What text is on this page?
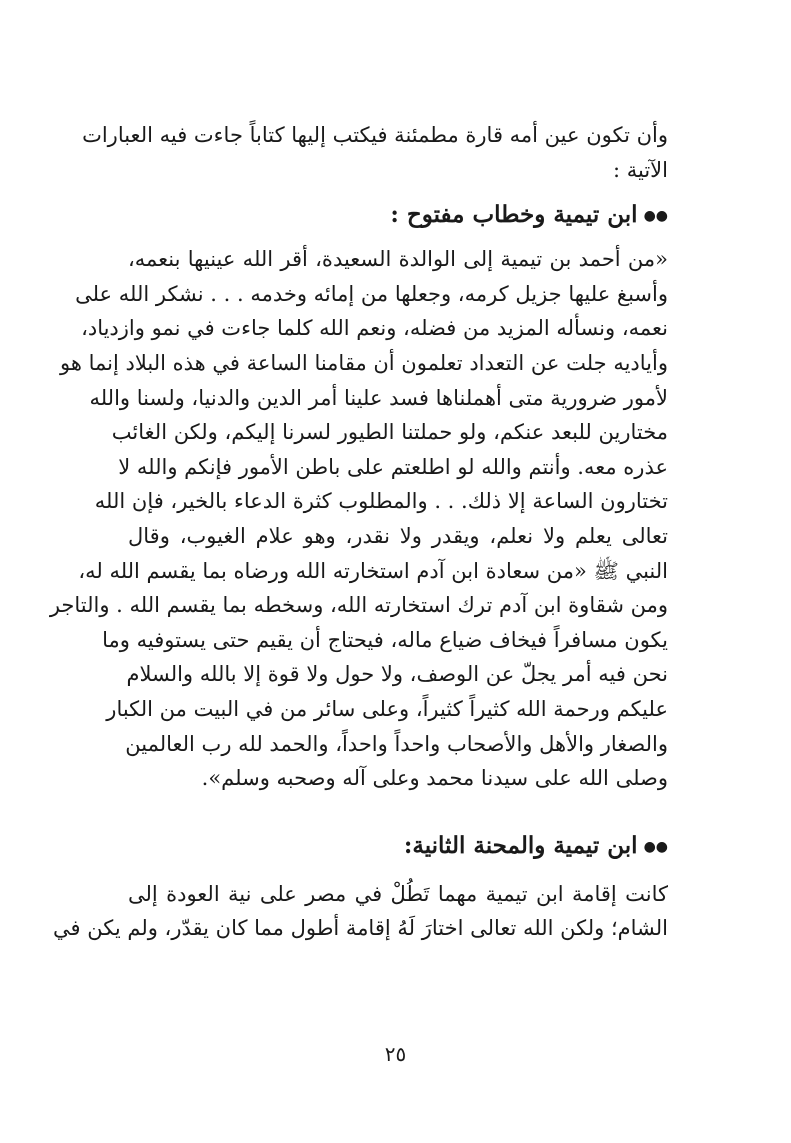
وأن تكون عين أمه قارة مطمئنة فيكتب إليها كتاباً جاءت فيه العبارات
الآتية :

●●ابن تيمية وخطاب مفتوح :

«من أحمد بن تيمية إلى الوالدة السعيدة، أقر الله عينيها بنعمه،
وأسبغ عليها جزيل كرمه، وجعلها من إمائه وخدمه . . . نشكر الله على
نعمه، ونسأله المزيد من فضله، ونعم الله كلما جاءت في نمو وازدياد،
وأياديه جلت عن التعداد تعلمون أن مقامنا الساعة في هذه البلاد إنما هو
لأمور ضرورية متى أهملناها فسد علينا أمر الدين والدنيا، ولسنا والله
مختارين للبعد عنكم، ولو حملتنا الطيور لسرنا إليكم، ولكن الغائب
عذره معه. وأنتم والله لو اطلعتم على باطن الأمور فإنكم والله لا
تختارون الساعة إلا ذلك. . . والمطلوب كثرة الدعاء بالخير، فإن الله
تعالى يعلم ولا نعلم، ويقدر ولا نقدر، وهو علام الغيوب، وقال
النبي ﷺ «من سعادة ابن آدم استخارته الله ورضاه بما يقسم الله له،
ومن شقاوة ابن آدم ترك استخارته الله، وسخطه بما يقسم الله . والتاجر
يكون مسافراً فيخاف ضياع ماله، فيحتاج أن يقيم حتى يستوفيه وما
نحن فيه أمر يجلّ عن الوصف، ولا حول ولا قوة إلا بالله والسلام
عليكم ورحمة الله كثيراً كثيراً، وعلى سائر من في البيت من الكبار
والصغار والأهل والأصحاب واحداً واحداً، والحمد لله رب العالمين
وصلى الله على سيدنا محمد وعلى آله وصحبه وسلم».

●●ابن تيمية والمحنة الثانية:

كانت إقامة ابن تيمية مهما تَطُلْ في مصر على نية العودة إلى
الشام؛ ولكن الله تعالى اختارَ لَهُ إقامة أطول مما كان يقدّر، ولم يكن في

٢٥
